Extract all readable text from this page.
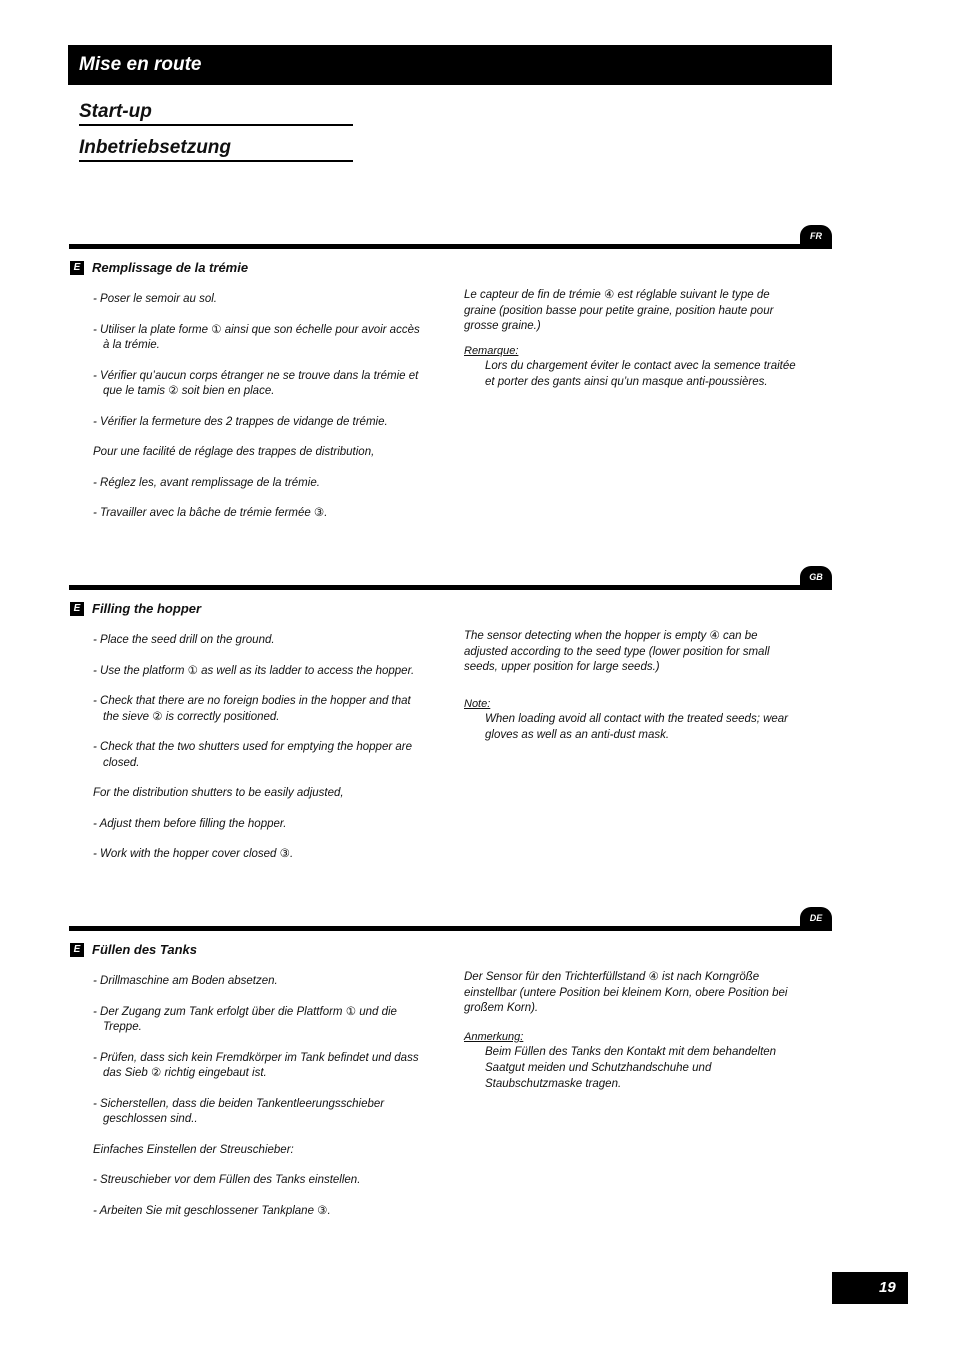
Mise en route
Start-up
Inbetriebsetzung
FR
E Remplissage de la trémie
- Poser le semoir au sol.
- Utiliser la plate forme ① ainsi que son échelle pour avoir accès à la trémie.
- Vérifier qu’aucun corps étranger ne se trouve dans la trémie et que le tamis ② soit bien en place.
- Vérifier la fermeture des 2 trappes de vidange de trémie.
Pour une facilité de réglage des trappes de distribution,
- Réglez les, avant remplissage de la trémie.
- Travailler avec la bâche de trémie fermée ③.
Le capteur de fin de trémie ④ est réglable suivant le type de graine (position basse pour petite graine, position haute pour grosse graine.)
Remarque:
Lors du chargement éviter le contact avec la semence traitée et porter des gants ainsi qu’un masque anti-poussières.
GB
E Filling the hopper
- Place the seed drill on the ground.
- Use the platform ① as well as its ladder to access the hopper.
- Check that there are no foreign bodies in the hopper and that the sieve ② is correctly positioned.
- Check that the two shutters used for emptying the hopper are closed.
For the distribution shutters to be easily adjusted,
- Adjust them before filling the hopper.
- Work with the hopper cover closed ③.
The sensor detecting when the hopper is empty ④ can be adjusted according to the seed type (lower position for small seeds, upper position for large seeds.)
Note:
When loading avoid all contact with the treated seeds; wear gloves as well as an anti-dust mask.
DE
E Füllen des Tanks
- Drillmaschine am Boden absetzen.
- Der Zugang zum Tank erfolgt über die Plattform ① und die Treppe.
- Prüfen, dass sich kein Fremdkörper im Tank befindet und dass das Sieb ② richtig eingebaut ist.
- Sicherstellen, dass die beiden Tankentleerungsschieber geschlossen sind..
Einfaches Einstellen der Streuschieber:
- Streuschieber vor dem Füllen des Tanks einstellen.
- Arbeiten Sie mit geschlossener Tankplane ③.
Der Sensor für den Trichterfüllstand ④ ist nach Korngröße einstellbar (untere Position bei kleinem Korn, obere Position bei großem Korn).
Anmerkung:
Beim Füllen des Tanks den Kontakt mit dem behandelten Saatgut meiden und Schutzhandschuhe und Staubschutzmaske tragen.
19
